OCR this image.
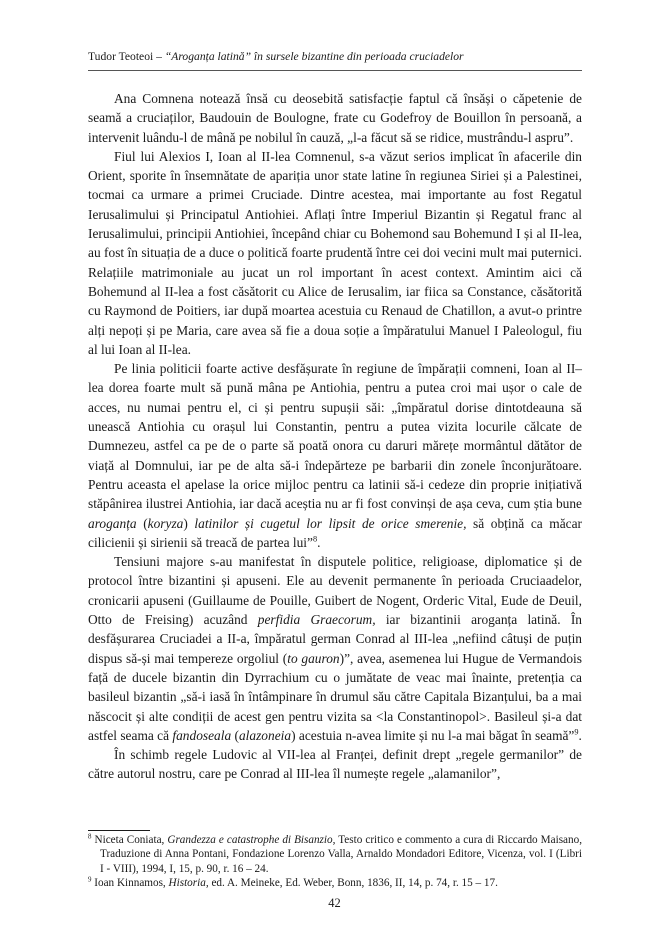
Tudor Teoteoi – “Aroganța latină” în sursele bizantine din perioada cruciadelor

Ana Comnena notează însă cu deosebită satisfacție faptul că însăși o căpetenie de seamă a cruciaților, Baudouin de Boulogne, frate cu Godefroy de Bouillon în persoană, a intervenit luându-l de mână pe nobilul în cauză, „l-a făcut să se ridice, mustrându-l aspru”.

Fiul lui Alexios I, Ioan al II-lea Comnenul, s-a văzut serios implicat în afacerile din Orient, sporite în însemnătate de apariția unor state latine în regiunea Siriei și a Palestinei, tocmai ca urmare a primei Cruciade. Dintre acestea, mai importante au fost Regatul Ierusalimului și Principatul Antiohiei. Aflați între Imperiul Bizantin și Regatul franc al Ierusalimului, principii Antiohiei, începând chiar cu Bohemond sau Bohemund I și al II-lea, au fost în situația de a duce o politică foarte prudentă între cei doi vecini mult mai puternici. Relațiile matrimoniale au jucat un rol important în acest context. Amintim aici că Bohemund al II-lea a fost căsătorit cu Alice de Ierusalim, iar fiica sa Constance, căsătorită cu Raymond de Poitiers, iar după moartea acestuia cu Renaud de Chatillon, a avut-o printre alți nepoți și pe Maria, care avea să fie a doua soție a împăratului Manuel I Paleologul, fiu al lui Ioan al II-lea.

Pe linia politicii foarte active desfășurate în regiune de împărații comneni, Ioan al II–lea dorea foarte mult să pună mâna pe Antiohia, pentru a putea croi mai ușor o cale de acces, nu numai pentru el, ci și pentru supușii săi: „împăratul dorise dintotdeauna să unească Antiohia cu orașul lui Constantin, pentru a putea vizita locurile călcate de Dumnezeu, astfel ca pe de o parte să poată onora cu daruri mărețe mormântul dătător de viață al Domnului, iar pe de alta să-i îndepărteze pe barbarii din zonele înconjurătoare. Pentru aceasta el apelase la orice mijloc pentru ca latinii să-i cedeze din proprie inițiativă stăpânirea ilustrei Antiohia, iar dacă aceștia nu ar fi fost convinși de așa ceva, cum știa bune aroganța (koryza) latinilor și cugetul lor lipsit de orice smerenie, să obțină ca măcar cilicienii și sirienii să treacă de partea lui”$^8$.

Tensiuni majore s-au manifestat în disputele politice, religioase, diplomatice și de protocol între bizantini și apuseni. Ele au devenit permanente în perioada Cruciaadelor, cronicarii apuseni (Guillaume de Pouille, Guibert de Nogent, Orderic Vital, Eude de Deuil, Otto de Freising) acuzând perfidia Graecorum, iar bizantinii aroganța latină. În desfășurarea Cruciadei a II-a, împăratul german Conrad al III-lea „nefiind câtuși de puțin dispus să-și mai tempereze orgoliul (to gauron)”, avea, asemenea lui Hugue de Vermandois față de ducele bizantin din Dyrrachium cu o jumătate de veac mai înainte, pretenția ca basileul bizantin „să-i iasă în întâmpinare în drumul său către Capitala Bizanțului, ba a mai născocit și alte condiții de acest gen pentru vizita sa <la Constantinopol>. Basileul și-a dat astfel seama că fandoseala (alazoneia) acestuia n-avea limite și nu l-a mai băgat în seamă”$^9$.

În schimb regele Ludovic al VII-lea al Franței, definit drept „regele germanilor” de către autorul nostru, care pe Conrad al III-lea îl numește regele „alamanilor”,

$^8$ Niceta Coniata, Grandezza e catastrophe di Bisanzio, Testo critico e commento a cura di Riccardo Maisano, Traduzione di Anna Pontani, Fondazione Lorenzo Valla, Arnaldo Mondadori Editore, Vicenza, vol. I (Libri I - VIII), 1994, I, 15, p. 90, r. 16 – 24.

$^9$ Ioan Kinnamos, Historia, ed. A. Meineke, Ed. Weber, Bonn, 1836, II, 14, p. 74, r. 15 – 17.

42
